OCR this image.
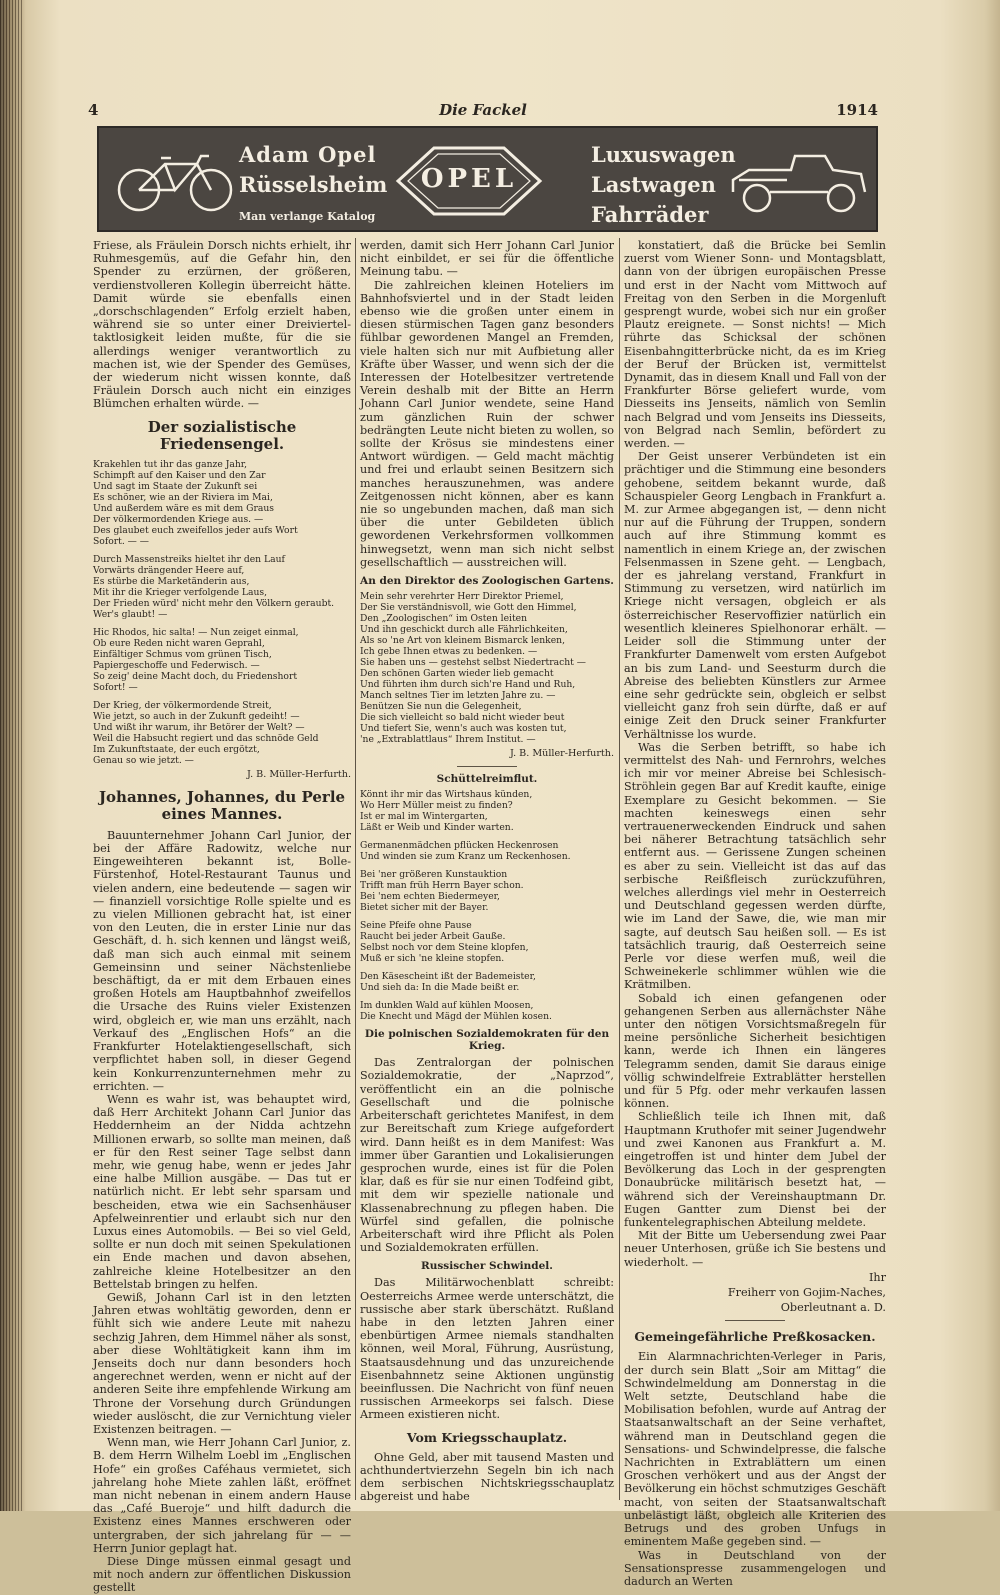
4	Die Fackel	1914
Adam Opel
Rüsselsheim
Man verlange Katalog
OPEL
Luxuswagen
Lastwagen
Fahrräder

Friese, als Fräulein Dorsch nichts erhielt, ihr Ruhmesgemüs, auf die Gefahr hin, den Spender zu erzürnen, der größeren, verdienstvolleren Kollegin überreicht hätte. Damit würde sie ebenfalls einen „dorschschlagenden“ Erfolg erzielt haben, während sie so unter einer Dreiviertel-taktlosigkeit leiden mußte, für die sie allerdings weniger verantwortlich zu machen ist, wie der Spender des Gemüses, der wiederum nicht wissen konnte, daß Fräulein Dorsch auch nicht ein einziges Blümchen erhalten würde. —

Der sozialistische Friedensengel.
Krakehlen tut ihr das ganze Jahr,
Schimpft auf den Kaiser und den Zar
Und sagt im Staate der Zukunft sei
Es schöner, wie an der Riviera im Mai,
Und außerdem wäre es mit dem Graus
Der völkermordenden Kriege aus. —
Des glaubet euch zweifellos jeder aufs Wort
Sofort. — —
Durch Massenstreiks hieltet ihr den Lauf
Vorwärts drängender Heere auf,
Es stürbe die Marketänderin aus,
Mit ihr die Krieger verfolgende Laus,
Der Frieden würd' nicht mehr den Völkern geraubt.
Wer's glaubt! —
Hic Rhodos, hic salta! — Nun zeiget einmal,
Ob eure Reden nicht waren Geprahl,
Einfältiger Schmus vom grünen Tisch,
Papiergeschoffe und Federwisch. —
So zeig' deine Macht doch, du Friedenshort
Sofort! —
Der Krieg, der völkermordende Streit,
Wie jetzt, so auch in der Zukunft gedeiht! —
Und wißt ihr warum, ihr Betörer der Welt? —
Weil die Habsucht regiert und das schnöde Geld
Im Zukunftstaate, der euch ergötzt,
Genau so wie jetzt. —
J. B. Müller-Herfurth.
Johannes, Johannes, du Perle eines Mannes.

Bauunternehmer Johann Carl Junior, der bei der Affäre Radowitz, welche nur Eingeweihteren bekannt ist, Bolle-Fürstenhof, Hotel-Restaurant Taunus und vielen andern, eine bedeutende — sagen wir — finanziell vorsichtige Rolle spielte und es zu vielen Millionen gebracht hat, ist einer von den Leuten, die in erster Linie nur das Geschäft, d. h. sich kennen und längst weiß, daß man sich auch einmal mit seinem Gemeinsinn und seiner Nächstenliebe beschäftigt, da er mit dem Erbauen eines großen Hotels am Hauptbahnhof zweifellos die Ursache des Ruins vieler Existenzen wird, obgleich er, wie man uns erzählt, nach Verkauf des „Englischen Hofs“ an die Frankfurter Hotelaktiengesellschaft, sich verpflichtet haben soll, in dieser Gegend kein Konkurrenzunternehmen mehr zu errichten. —

Wenn es wahr ist, was behauptet wird, daß Herr Architekt Johann Carl Junior das Heddernheim an der Nidda achtzehn Millionen erwarb, so sollte man meinen, daß er für den Rest seiner Tage selbst dann mehr, wie genug habe, wenn er jedes Jahr eine halbe Million ausgäbe. — Das tut er natürlich nicht. Er lebt sehr sparsam und bescheiden, etwa wie ein Sachsenhäuser Apfelweinrentier und erlaubt sich nur den Luxus eines Automobils. — Bei so viel Geld, sollte er nun doch mit seinen Spekulationen ein Ende machen und davon absehen, zahlreiche kleine Hotelbesitzer an den Bettelstab bringen zu helfen.

Gewiß, Johann Carl ist in den letzten Jahren etwas wohltätig geworden, denn er fühlt sich wie andere Leute mit nahezu sechzig Jahren, dem Himmel näher als sonst, aber diese Wohltätigkeit kann ihm im Jenseits doch nur dann besonders hoch angerechnet werden, wenn er nicht auf der anderen Seite ihre empfehlende Wirkung am Throne der Vorsehung durch Gründungen wieder auslöscht, die zur Vernichtung vieler Existenzen beitragen. —

Wenn man, wie Herr Johann Carl Junior, z. B. dem Herrn Wilhelm Loebl im „Englischen Hofe“ ein großes Caféhaus vermietet, sich jahrelang hohe Miete zahlen läßt, eröffnet man nicht nebenan in einem andern Hause das „Café Bueroje“ und hilft dadurch die Existenz eines Mannes erschweren oder untergraben, der sich jahrelang für — — Herrn Junior geplagt hat.

Diese Dinge müssen einmal gesagt und mit noch andern zur öffentlichen Diskussion gestellt

werden, damit sich Herr Johann Carl Junior nicht einbildet, er sei für die öffentliche Meinung tabu. —

Die zahlreichen kleinen Hoteliers im Bahnhofsviertel und in der Stadt leiden ebenso wie die großen unter einem in diesen stürmischen Tagen ganz besonders fühlbar gewordenen Mangel an Fremden, viele halten sich nur mit Aufbietung aller Kräfte über Wasser, und wenn sich der die Interessen der Hotelbesitzer vertretende Verein deshalb mit der Bitte an Herrn Johann Carl Junior wendete, seine Hand zum gänzlichen Ruin der schwer bedrängten Leute nicht bieten zu wollen, so sollte der Krösus sie mindestens einer Antwort würdigen. — Geld macht mächtig und frei und erlaubt seinen Besitzern sich manches herauszunehmen, was andere Zeitgenossen nicht können, aber es kann nie so ungebunden machen, daß man sich über die unter Gebildeten üblich gewordenen Verkehrsformen vollkommen hinwegsetzt, wenn man sich nicht selbst gesellschaftlich — ausstreichen will.

An den Direktor des Zoologischen Gartens.
Mein sehr verehrter Herr Direktor Priemel,
Der Sie verständnisvoll, wie Gott den Himmel,
Den „Zoologischen“ im Osten leiten
Und ihn geschickt durch alle Fährlichkeiten,
Als so 'ne Art von kleinem Bismarck lenken,
Ich gebe Ihnen etwas zu bedenken. —
Sie haben uns — gestehst selbst Niedertracht —
Den schönen Garten wieder lieb gemacht
Und führten ihm durch sich're Hand und Ruh,
Manch seltnes Tier im letzten Jahre zu. —
Benützen Sie nun die Gelegenheit,
Die sich vielleicht so bald nicht wieder beut
Und tiefert Sie, wenn's auch was kosten tut,
'ne „Extrablattlaus“ Ihrem Institut. —
J. B. Müller-Herfurth.
Schüttelreimflut.
Könnt ihr mir das Wirtshaus künden,
Wo Herr Müller meist zu finden?
Ist er mal im Wintergarten,
Läßt er Weib und Kinder warten.
Germanenmädchen pflücken Heckenrosen
Und winden sie zum Kranz um Reckenhosen.
Bei 'ner größeren Kunstauktion
Trifft man früh Herrn Bayer schon.
Bei 'nem echten Biedermeyer,
Bietet sicher mit der Bayer.
Seine Pfeife ohne Pause
Raucht bei jeder Arbeit Gauße.
Selbst noch vor dem Steine klopfen,
Muß er sich 'ne kleine stopfen.
Den Käsescheint ißt der Bademeister,
Und sieh da: In die Made beißt er.
Im dunklen Wald auf kühlen Moosen,
Die Knecht und Mägd der Mühlen kosen.
Die polnischen Sozialdemokraten für den Krieg.

Das Zentralorgan der polnischen Sozialdemokratie, der „Naprzod“, veröffentlicht ein an die polnische Gesellschaft und die polnische Arbeiterschaft gerichtetes Manifest, in dem zur Bereitschaft zum Kriege aufgefordert wird. Dann heißt es in dem Manifest: Was immer über Garantien und Lokalisierungen gesprochen wurde, eines ist für die Polen klar, daß es für sie nur einen Todfeind gibt, mit dem wir spezielle nationale und Klassenabrechnung zu pflegen haben. Die Würfel sind gefallen, die polnische Arbeiterschaft wird ihre Pflicht als Polen und Sozialdemokraten erfüllen.

Russischer Schwindel.

Das Militärwochenblatt schreibt: Oesterreichs Armee werde unterschätzt, die russische aber stark überschätzt. Rußland habe in den letzten Jahren einer ebenbürtigen Armee niemals standhalten können, weil Moral, Führung, Ausrüstung, Staatsausdehnung und das unzureichende Eisenbahnnetz seine Aktionen ungünstig beeinflussen. Die Nachricht von fünf neuen russischen Armeekorps sei falsch. Diese Armeen existieren nicht.

Vom Kriegsschauplatz.

Ohne Geld, aber mit tausend Masten und achthundertvierzehn Segeln bin ich nach dem serbischen Nichtskriegsschauplatz abgereist und habe

konstatiert, daß die Brücke bei Semlin zuerst vom Wiener Sonn- und Montagsblatt, dann von der übrigen europäischen Presse und erst in der Nacht vom Mittwoch auf Freitag von den Serben in die Morgenluft gesprengt wurde, wobei sich nur ein großer Plautz ereignete. — Sonst nichts! — Mich rührte das Schicksal der schönen Eisenbahngitterbrücke nicht, da es im Krieg der Beruf der Brücken ist, vermittelst Dynamit, das in diesem Knall und Fall von der Frankfurter Börse geliefert wurde, vom Diesseits ins Jenseits, nämlich von Semlin nach Belgrad und vom Jenseits ins Diesseits, von Belgrad nach Semlin, befördert zu werden. —

Der Geist unserer Verbündeten ist ein prächtiger und die Stimmung eine besonders gehobene, seitdem bekannt wurde, daß Schauspieler Georg Lengbach in Frankfurt a. M. zur Armee abgegangen ist, — denn nicht nur auf die Führung der Truppen, sondern auch auf ihre Stimmung kommt es namentlich in einem Kriege an, der zwischen Felsenmassen in Szene geht. — Lengbach, der es jahrelang verstand, Frankfurt in Stimmung zu versetzen, wird natürlich im Kriege nicht versagen, obgleich er als österreichischer Reservoffizier natürlich ein wesentlich kleineres Spielhonorar erhält. — Leider soll die Stimmung unter der Frankfurter Damenwelt vom ersten Aufgebot an bis zum Land- und Seesturm durch die Abreise des beliebten Künstlers zur Armee eine sehr gedrückte sein, obgleich er selbst vielleicht ganz froh sein dürfte, daß er auf einige Zeit den Druck seiner Frankfurter Verhältnisse los wurde.

Was die Serben betrifft, so habe ich vermittelst des Nah- und Fernrohrs, welches ich mir vor meiner Abreise bei Schlesisch-Ströhlein gegen Bar auf Kredit kaufte, einige Exemplare zu Gesicht bekommen. — Sie machten keineswegs einen sehr vertrauenerweckenden Eindruck und sahen bei näherer Betrachtung tatsächlich sehr entfernt aus. — Gerissene Zungen scheinen es aber zu sein. Vielleicht ist das auf das serbische Reißfleisch zurückzuführen, welches allerdings viel mehr in Oesterreich und Deutschland gegessen werden dürfte, wie im Land der Sawe, die, wie man mir sagte, auf deutsch Sau heißen soll. — Es ist tatsächlich traurig, daß Oesterreich seine Perle vor diese werfen muß, weil die Schweinekerle schlimmer wühlen wie die Krätmilben.

Sobald ich einen gefangenen oder gehangenen Serben aus allernächster Nähe unter den nötigen Vorsichtsmaßregeln für meine persönliche Sicherheit besichtigen kann, werde ich Ihnen ein längeres Telegramm senden, damit Sie daraus einige völlig schwindelfreie Extrablätter herstellen und für 5 Pfg. oder mehr verkaufen lassen können.

Schließlich teile ich Ihnen mit, daß Hauptmann Kruthofer mit seiner Jugendwehr und zwei Kanonen aus Frankfurt a. M. eingetroffen ist und hinter dem Jubel der Bevölkerung das Loch in der gesprengten Donaubrücke militärisch besetzt hat, — während sich der Vereinshauptmann Dr. Eugen Gantter zum Dienst bei der funkentelegraphischen Abteilung meldete.

Mit der Bitte um Uebersendung zwei Paar neuer Unterhosen, grüße ich Sie bestens und wiederholt. —

Ihr
Freiherr von Gojim-Naches,
Oberleutnant a. D.
Gemeingefährliche Preßkosacken.

Ein Alarmnachrichten-Verleger in Paris, der durch sein Blatt „Soir am Mittag“ die Schwindelmeldung am Donnerstag in die Welt setzte, Deutschland habe die Mobilisation befohlen, wurde auf Antrag der Staatsanwaltschaft an der Seine verhaftet, während man in Deutschland gegen die Sensations- und Schwindelpresse, die falsche Nachrichten in Extrablättern um einen Groschen verhökert und aus der Angst der Bevölkerung ein höchst schmutziges Geschäft macht, von seiten der Staatsanwaltschaft unbelästigt läßt, obgleich alle Kriterien des Betrugs und des groben Unfugs in eminentem Maße gegeben sind. —

Was in Deutschland von der Sensationspresse zusammengelogen und dadurch an Werten
